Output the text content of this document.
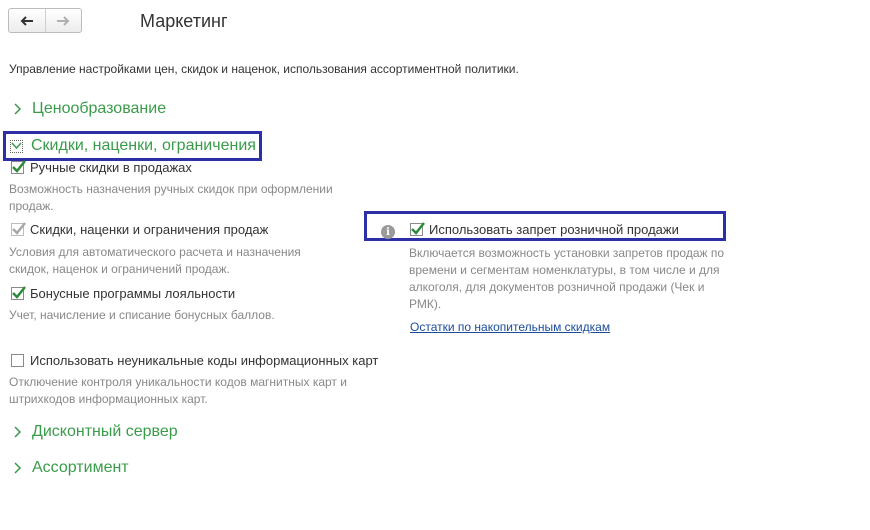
Маркетинг
Управление настройками цен, скидок и наценок, использования ассортиментной политики.
Ценообразование
Скидки, наценки, ограничения
Ручные скидки в продажах
Возможность назначения ручных скидок при оформлении
продаж.
Скидки, наценки и ограничения продаж
Условия для автоматического расчета и назначения
скидок, наценок и ограничений продаж.
Бонусные программы лояльности
Учет, начисление и списание бонусных баллов.
Использовать неуникальные коды информационных карт
Отключение контроля уникальности кодов магнитных карт и
штрихкодов информационных карт.
Дисконтный сервер
Ассортимент
i	Использовать запрет розничной продажи
Включается возможность установки запретов продаж по
времени и сегментам номенклатуры, в том числе и для
алкоголя, для документов розничной продажи (Чек и
РМК).
Остатки по накопительным скидкам
